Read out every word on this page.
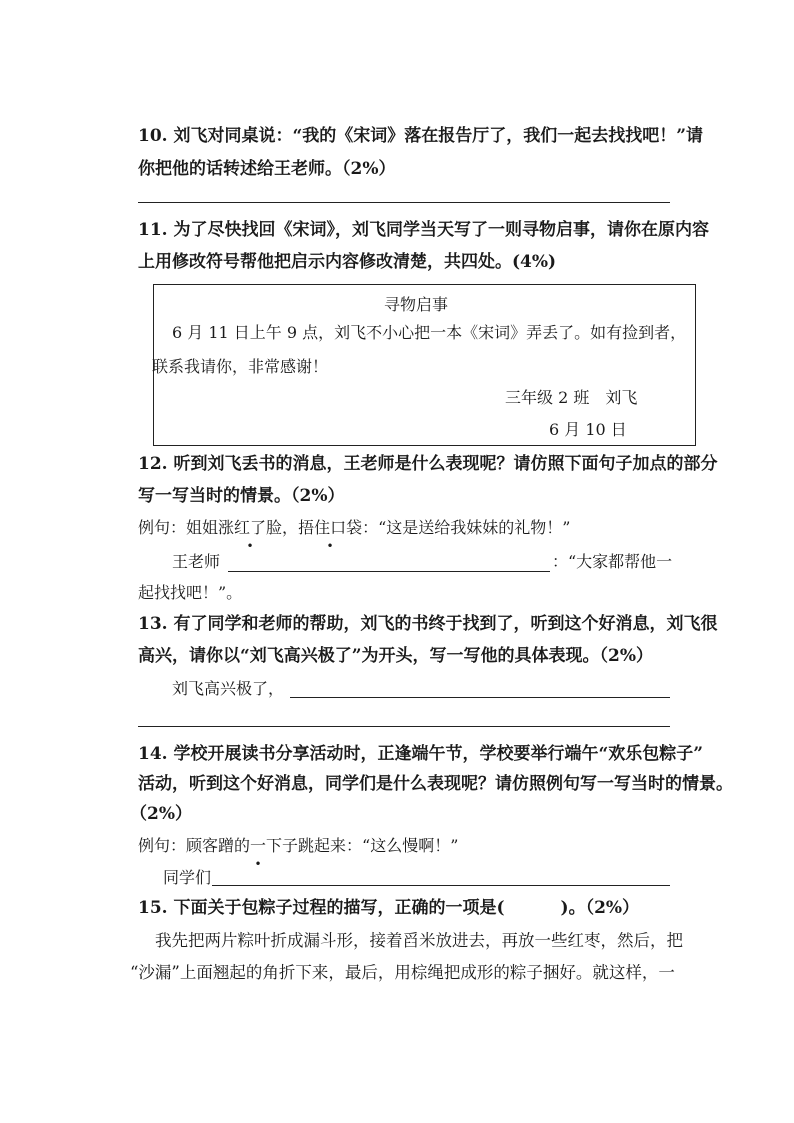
10. 刘飞对同桌说：“我的《宋词》落在报告厅了，我们一起去找找吧！”请
你把他的话转述给王老师。（2%）
11. 为了尽快找回《宋词》，刘飞同学当天写了一则寻物启事，请你在原内容
上用修改符号帮他把启示内容修改清楚，共四处。(4%)
寻物启事
6 月 11 日上午 9 点，刘飞不小心把一本《宋词》弄丢了。如有捡到者，
联系我请你，非常感谢！
三年级 2 班　刘飞
6 月 10 日
12. 听到刘飞丢书的消息，王老师是什么表现呢？请仿照下面句子加点的部分
写一写当时的情景。（2%）
例句：姐姐涨红了脸，捂住口袋：“这是送给我妹妹的礼物！”
王老师	：“大家都帮他一
起找找吧！”。
13. 有了同学和老师的帮助，刘飞的书终于找到了，听到这个好消息，刘飞很
高兴，请你以“刘飞高兴极了”为开头，写一写他的具体表现。（2%）
刘飞高兴极了，
14. 学校开展读书分享活动时，正逢端午节，学校要举行端午“欢乐包粽子”
活动，听到这个好消息，同学们是什么表现呢？请仿照例句写一写当时的情景。
（2%）
例句：顾客蹭的一下子 •跳起来：“这么慢啊！”
同学们
15. 下面关于包粽子过程的描写，正确的一项是(	)。（2%）
我先把两片粽叶折成漏斗形，接着舀米放进去，再放一些红枣，然后，把
“沙漏”上面翘起的角折下来，最后，用棕绳把成形的粽子捆好。就这样，一
